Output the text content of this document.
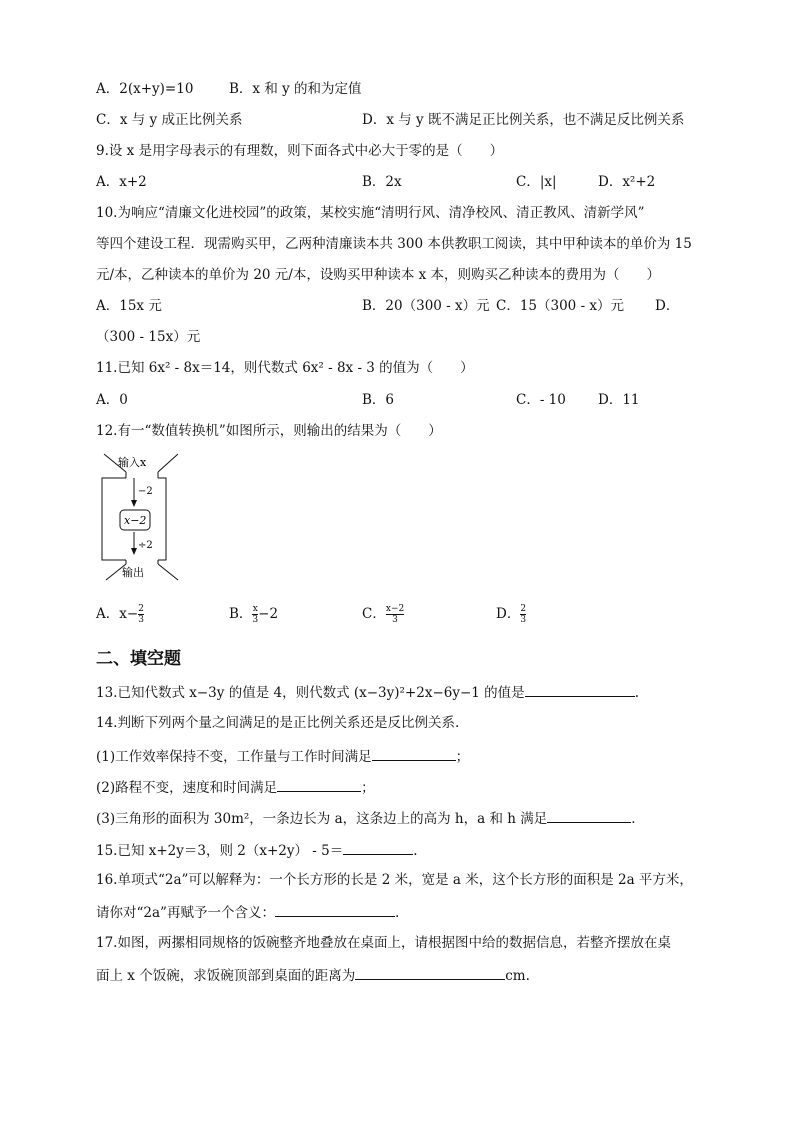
A．2(x+y)=10	B．x 和 y 的和为定值
C．x 与 y 成正比例关系	D．x 与 y 既不满足正比例关系，也不满足反比例关系
9.设 x 是用字母表示的有理数，则下面各式中必大于零的是（　　）
A．x+2	B．2x	C．|x|	D．x²+2
10.为响应“清廉文化进校园”的政策，某校实施“清明行风、清净校风、清正教风、清新学风”
等四个建设工程．现需购买甲，乙两种清廉读本共 300 本供教职工阅读，其中甲种读本的单价为 15
元/本，乙种读本的单价为 20 元/本，设购买甲种读本 x 本，则购买乙种读本的费用为（　　）
A．15x 元	B．20（300 - x）元 C．15（300 - x）元 D．
（300 - 15x）元
11.已知 6x² - 8x＝14，则代数式 6x² - 8x - 3 的值为（　　）
A．0	B．6	C．- 10 D．11
12.有一“数值转换机”如图所示，则输出的结果为（　　）
输入x
−2
x−2
÷2
输出
A．$x- \frac{2}{3}$	B． $\frac{x}{3} -2$	C． $\frac{x-2}{3}$	D． $\frac{2}{3}$
二、填空题
13.已知代数式 x−3y 的值是 4，则代数式 (x−3y)²+2x−6y−1 的值是	.
14.判断下列两个量之间满足的是正比例关系还是反比例关系.
(1)工作效率保持不变，工作量与工作时间满足	；
(2)路程不变，速度和时间满足	；
(3)三角形的面积为 30m²，一条边长为 a，这条边上的高为 h，a 和 h 满足	.
15.已知 x+2y＝3，则 2（x+2y） - 5＝	.
16.单项式“2a”可以解释为：一个长方形的长是 2 米，宽是 a 米，这个长方形的面积是 2a 平方米，
请你对“2a”再赋予一个含义：	.
17.如图，两摞相同规格的饭碗整齐地叠放在桌面上，请根据图中给的数据信息，若整齐摆放在桌
面上 x 个饭碗，求饭碗顶部到桌面的距离为	cm.
